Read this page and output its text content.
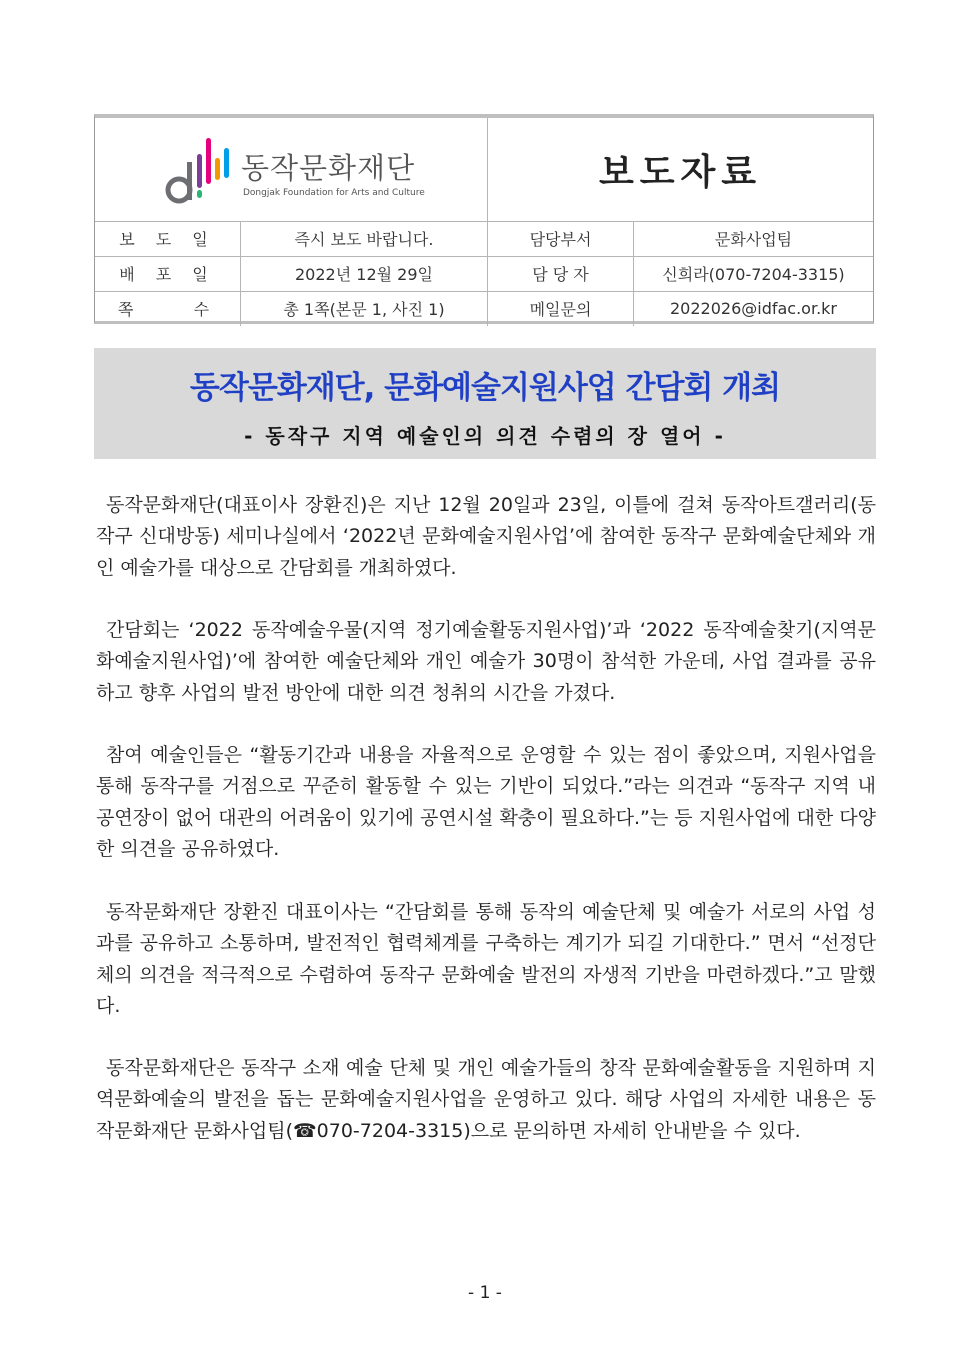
동작문화재단
Dongjak Foundation for Arts and Culture	보도자료
보 도 일	즉시 보도 바랍니다.	담당부서	문화사업팀
배 포 일	2022년 12월 29일	담 당 자	신희라(070-7204-3315)
쪽    수	총 1쪽(본문 1, 사진 1)	메일문의	2022026@idfac.or.kr
동작문화재단, 문화예술지원사업 간담회 개최
- 동작구 지역 예술인의 의견 수렴의 장 열어 -

동작문화재단(대표이사 장환진)은 지난 12월 20일과 23일, 이틀에 걸쳐 동작아트갤러리(동작구 신대방동) 세미나실에서 ‘2022년 문화예술지원사업’에 참여한 동작구 문화예술단체와 개인 예술가를 대상으로 간담회를 개최하였다.

간담회는 ‘2022 동작예술우물(지역 정기예술활동지원사업)’과 ‘2022 동작예술찾기(지역문화예술지원사업)’에 참여한 예술단체와 개인 예술가 30명이 참석한 가운데, 사업 결과를 공유하고 향후 사업의 발전 방안에 대한 의견 청취의 시간을 가졌다.

참여 예술인들은 “활동기간과 내용을 자율적으로 운영할 수 있는 점이 좋았으며, 지원사업을 통해 동작구를 거점으로 꾸준히 활동할 수 있는 기반이 되었다.”라는 의견과 “동작구 지역 내 공연장이 없어 대관의 어려움이 있기에 공연시설 확충이 필요하다.”는 등 지원사업에 대한 다양한 의견을 공유하였다.

동작문화재단 장환진 대표이사는 “간담회를 통해 동작의 예술단체 및 예술가 서로의 사업 성과를 공유하고 소통하며, 발전적인 협력체계를 구축하는 계기가 되길 기대한다.” 면서 “선정단체의 의견을 적극적으로 수렴하여 동작구 문화예술 발전의 자생적 기반을 마련하겠다.”고 말했다.

동작문화재단은 동작구 소재 예술 단체 및 개인 예술가들의 창작 문화예술활동을 지원하며 지역문화예술의 발전을 돕는 문화예술지원사업을 운영하고 있다. 해당 사업의 자세한 내용은 동작문화재단 문화사업팀(☎070-7204-3315)으로 문의하면 자세히 안내받을 수 있다.

- 1 -
